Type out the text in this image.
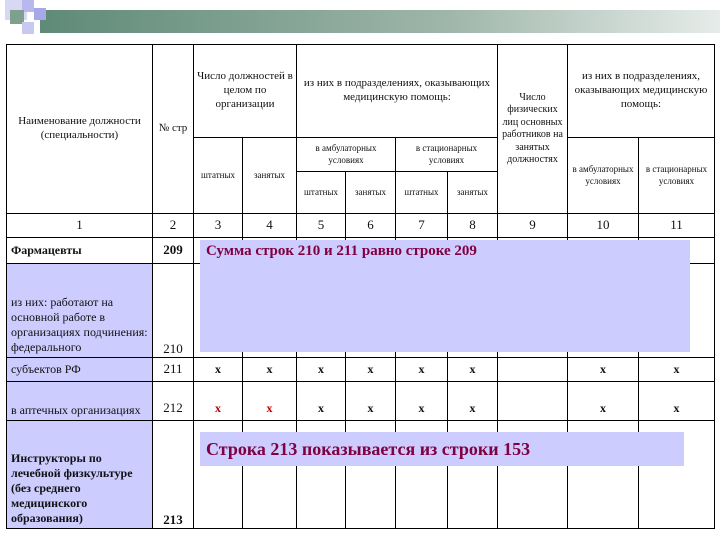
Наименование должности (специальности)	№ стр	Число должностей в целом по организации		из них в подразделениях, оказывающих медицинскую помощь:				Число физических лиц основных работников на занятых должностях	из них в подразделениях, оказывающих медицинскую помощь:	
		штатных	занятых	в амбулаторных условиях		в стационарных условиях			в амбулаторных условиях	в стационарных условиях
				штатных	занятых	штатных	занятых			
1	2	3	4	5	6	7	8	9	10	11
Фармацевты	209									
из них: работают на основной работе в организациях подчинения: федерального	210									
субъектов РФ	211	x	x	x	x	x	x		x	x
в аптечных организациях	212	x	x	x	x	x	x		x	x
Инструкторы по лечебной физкультуре (без среднего медицинского образования)	213									
Сумма строк 210 и 211 равно строке 209
Строка 213 показывается из строки 153
